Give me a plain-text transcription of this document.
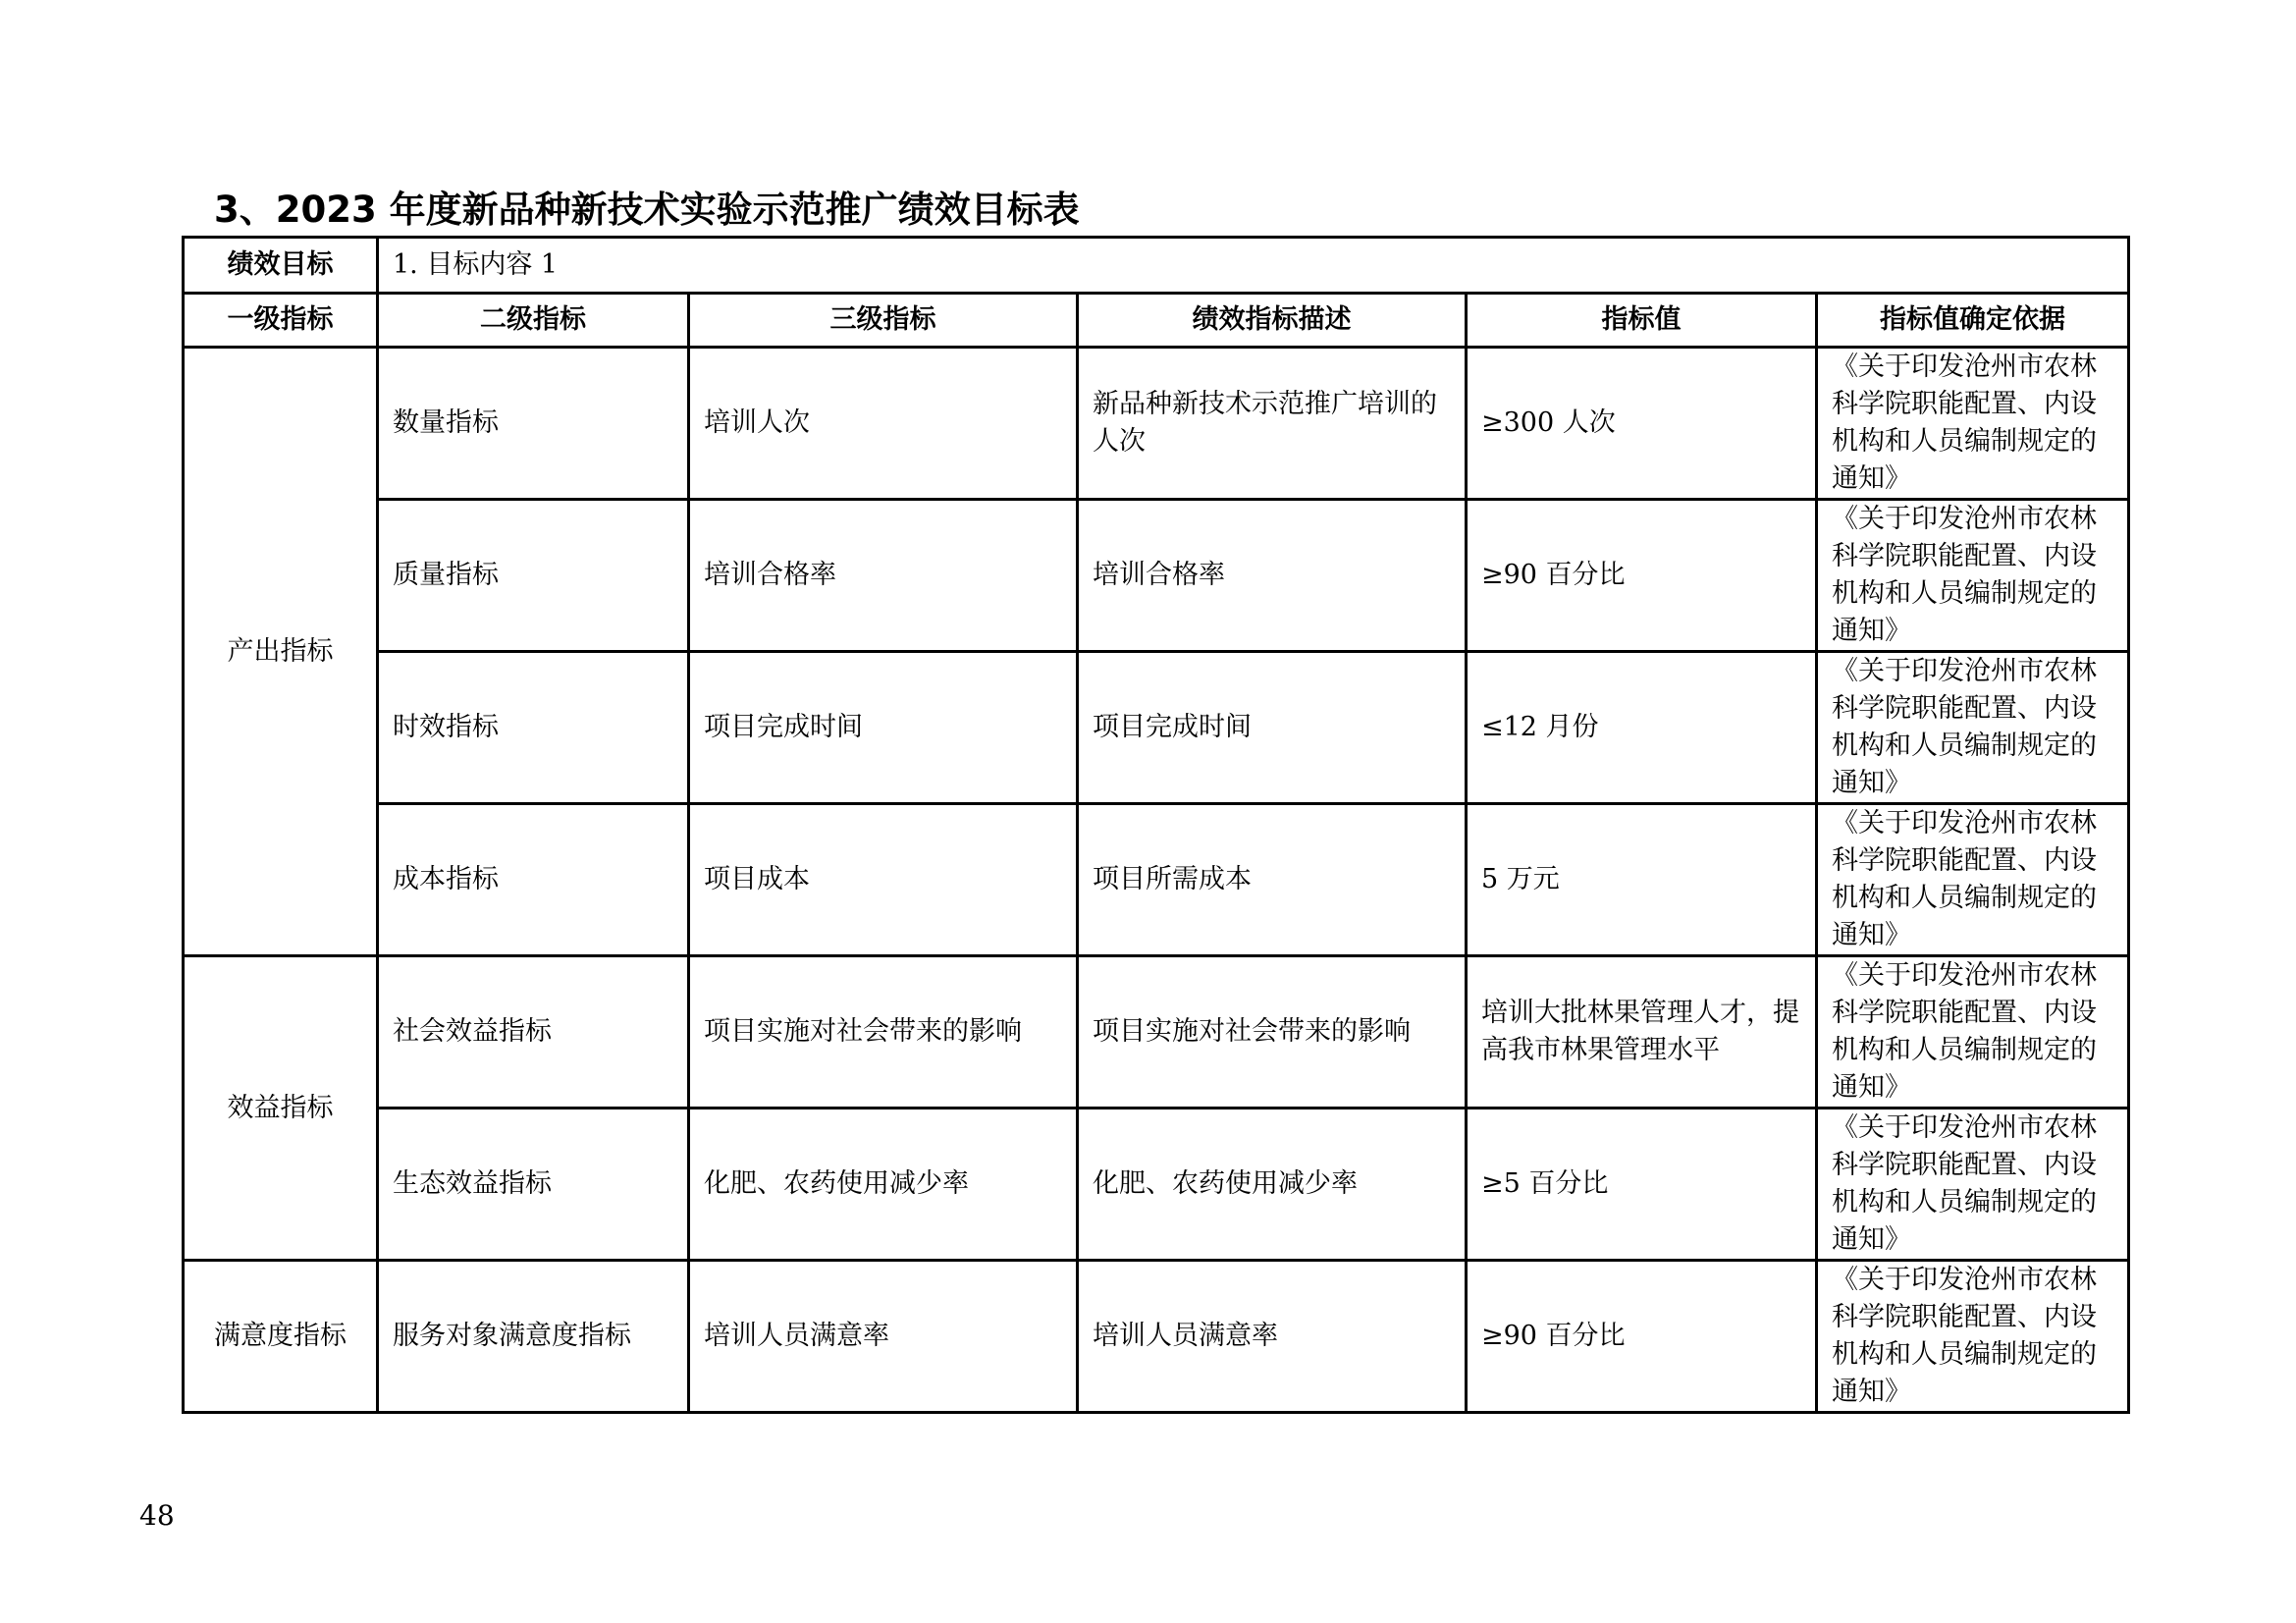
3、2023 年度新品种新技术实验示范推广绩效目标表
绩效目标	1. 目标内容 1				
一级指标	二级指标	三级指标	绩效指标描述	指标值	指标值确定依据
产出指标	数量指标	培训人次	新品种新技术示范推广培训的人次	≥300 人次	《关于印发沧州市农林科学院职能配置、内设机构和人员编制规定的通知》
	质量指标	培训合格率	培训合格率	≥90 百分比	《关于印发沧州市农林科学院职能配置、内设机构和人员编制规定的通知》
	时效指标	项目完成时间	项目完成时间	≤12 月份	《关于印发沧州市农林科学院职能配置、内设机构和人员编制规定的通知》
	成本指标	项目成本	项目所需成本	5 万元	《关于印发沧州市农林科学院职能配置、内设机构和人员编制规定的通知》
效益指标	社会效益指标	项目实施对社会带来的影响	项目实施对社会带来的影响	培训大批林果管理人才，提高我市林果管理水平	《关于印发沧州市农林科学院职能配置、内设机构和人员编制规定的通知》
	生态效益指标	化肥、农药使用减少率	化肥、农药使用减少率	≥5 百分比	《关于印发沧州市农林科学院职能配置、内设机构和人员编制规定的通知》
满意度指标	服务对象满意度指标	培训人员满意率	培训人员满意率	≥90 百分比	《关于印发沧州市农林科学院职能配置、内设机构和人员编制规定的通知》
48
